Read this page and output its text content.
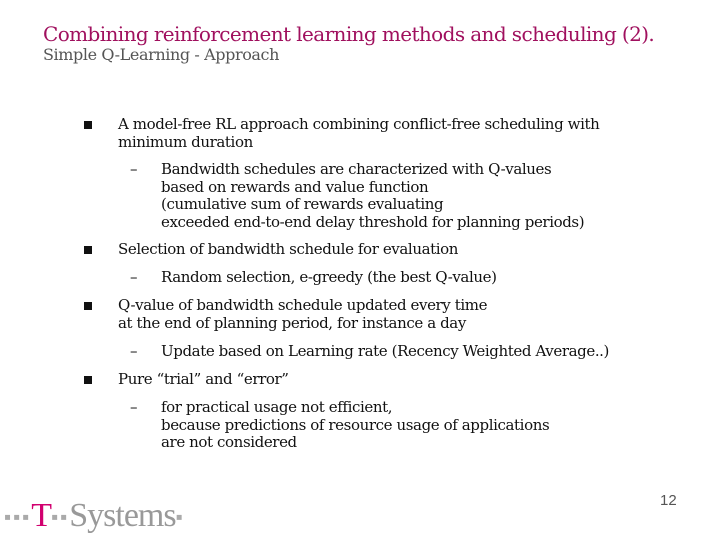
Combining reinforcement learning methods and scheduling (2).
Simple Q-Learning - Approach
A model-free RL approach combining conflict-free scheduling with
minimum duration
– Bandwidth schedules are characterized with Q-values
based on rewards and value function
(cumulative sum of rewards evaluating
exceeded end-to-end delay threshold for planning periods)
Selection of bandwidth schedule for evaluation
– Random selection, e-greedy (the best Q-value)
Q-value of bandwidth schedule updated every time
at the end of planning period, for instance a day
– Update based on Learning rate (Recency Weighted Average..)
Pure “trial” and “error”
– for practical usage not efficient,
because predictions of resource usage of applications
are not considered
▪▪▪T▪▪Systems▪
12
